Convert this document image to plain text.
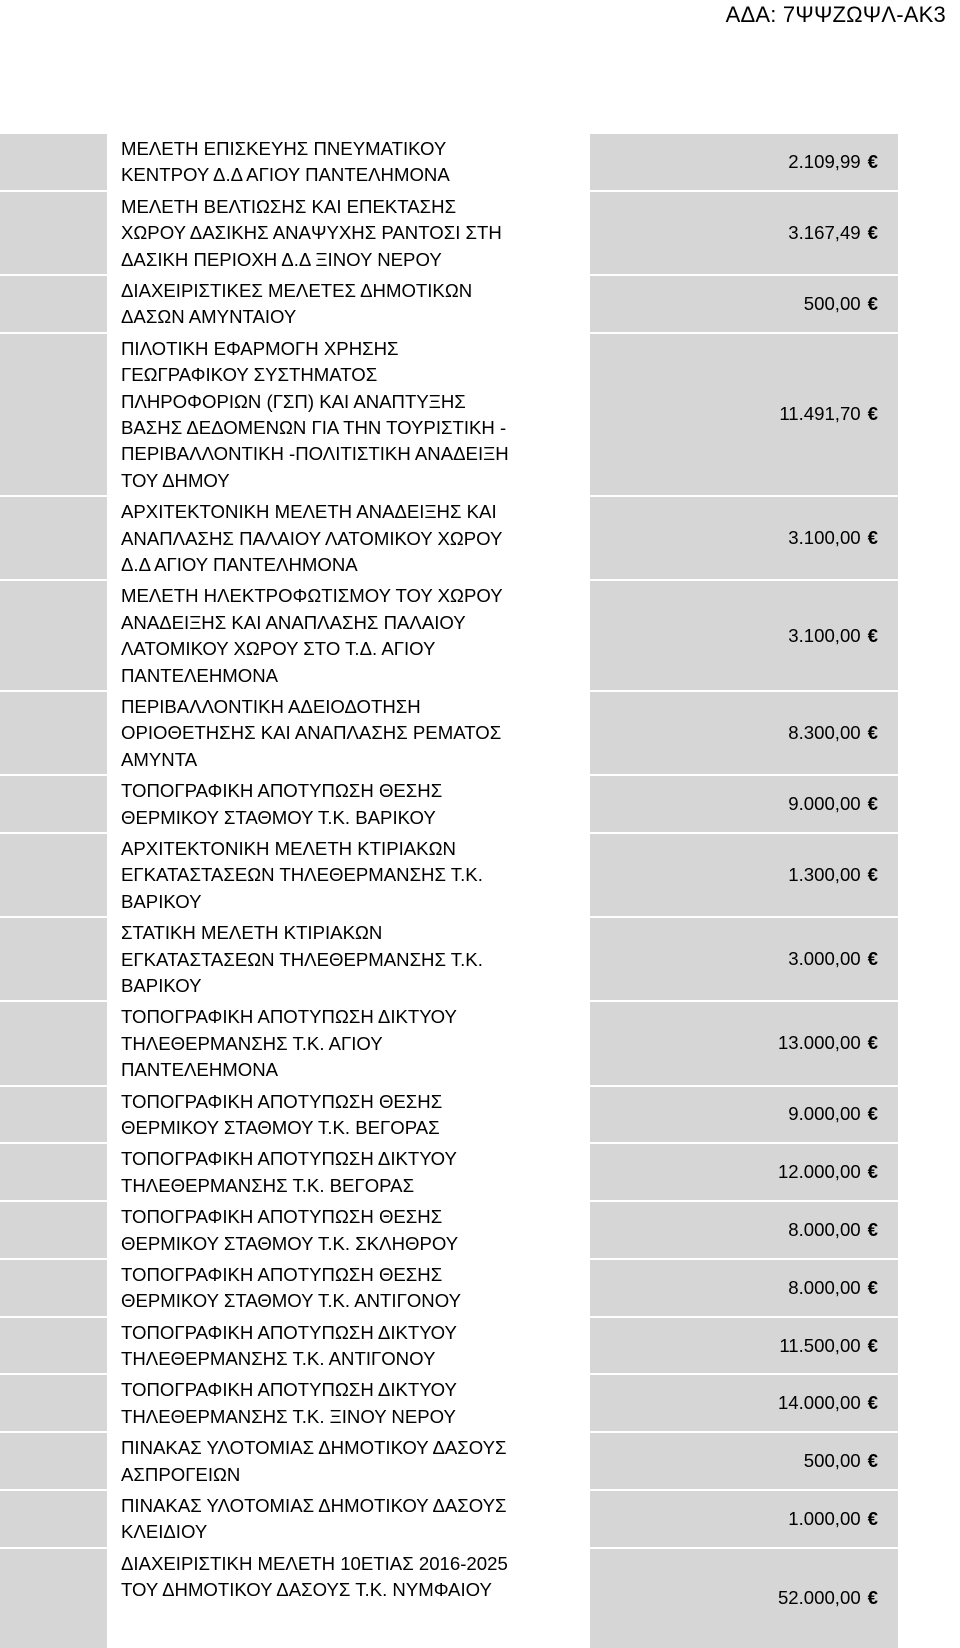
ΑΔΑ: 7ΨΨΖΩΨΛ-ΑΚ3
ΜΕΛΕΤΗ ΕΠΙΣΚΕΥΗΣ ΠΝΕΥΜΑΤΙΚΟΥ
ΚΕΝΤΡΟΥ Δ.Δ ΑΓΙΟΥ ΠΑΝΤΕΛΗΜΟΝΑ
2.109,99 €
ΜΕΛΕΤΗ ΒΕΛΤΙΩΣΗΣ ΚΑΙ ΕΠΕΚΤΑΣΗΣ
ΧΩΡΟΥ ΔΑΣΙΚΗΣ ΑΝΑΨΥΧΗΣ ΡΑΝΤΟΣΙ ΣΤΗ
ΔΑΣΙΚΗ ΠΕΡΙΟΧΗ Δ.Δ ΞΙΝΟΥ ΝΕΡΟΥ
3.167,49 €
ΔΙΑΧΕΙΡΙΣΤΙΚΕΣ ΜΕΛΕΤΕΣ ΔΗΜΟΤΙΚΩΝ
ΔΑΣΩΝ ΑΜΥΝΤΑΙΟΥ
500,00 €
ΠΙΛΟΤΙΚΗ ΕΦΑΡΜΟΓΗ ΧΡΗΣΗΣ
ΓΕΩΓΡΑΦΙΚΟΥ ΣΥΣΤΗΜΑΤΟΣ
ΠΛΗΡΟΦΟΡΙΩΝ (ΓΣΠ) ΚΑΙ ΑΝΑΠΤΥΞΗΣ
ΒΑΣΗΣ ΔΕΔΟΜΕΝΩΝ ΓΙΑ ΤΗΝ ΤΟΥΡΙΣΤΙΚΗ -
ΠΕΡΙΒΑΛΛΟΝΤΙΚΗ -ΠΟΛΙΤΙΣΤΙΚΗ ΑΝΑΔΕΙΞΗ
ΤΟΥ ΔΗΜΟΥ
11.491,70 €
ΑΡΧΙΤΕΚΤΟΝΙΚΗ ΜΕΛΕΤΗ ΑΝΑΔΕΙΞΗΣ ΚΑΙ
ΑΝΑΠΛΑΣΗΣ ΠΑΛΑΙΟΥ ΛΑΤΟΜΙΚΟΥ ΧΩΡΟΥ
Δ.Δ ΑΓΙΟΥ ΠΑΝΤΕΛΗΜΟΝΑ
3.100,00 €
ΜΕΛΕΤΗ ΗΛΕΚΤΡΟΦΩΤΙΣΜΟΥ ΤΟΥ ΧΩΡΟΥ
ΑΝΑΔΕΙΞΗΣ ΚΑΙ ΑΝΑΠΛΑΣΗΣ ΠΑΛΑΙΟΥ
ΛΑΤΟΜΙΚΟΥ ΧΩΡΟΥ ΣΤΟ Τ.Δ. ΑΓΙΟΥ
ΠΑΝΤΕΛΕΗΜΟΝΑ
3.100,00 €
ΠΕΡΙΒΑΛΛΟΝΤΙΚΗ ΑΔΕΙΟΔΟΤΗΣΗ
ΟΡΙΟΘΕΤΗΣΗΣ ΚΑΙ ΑΝΑΠΛΑΣΗΣ ΡΕΜΑΤΟΣ
ΑΜΥΝΤΑ
8.300,00 €
ΤΟΠΟΓΡΑΦΙΚΗ ΑΠΟΤΥΠΩΣΗ ΘΕΣΗΣ
ΘΕΡΜΙΚΟΥ ΣΤΑΘΜΟΥ Τ.Κ. ΒΑΡΙΚΟΥ
9.000,00 €
ΑΡΧΙΤΕΚΤΟΝΙΚΗ ΜΕΛΕΤΗ ΚΤΙΡΙΑΚΩΝ
ΕΓΚΑΤΑΣΤΑΣΕΩΝ ΤΗΛΕΘΕΡΜΑΝΣΗΣ Τ.Κ.
ΒΑΡΙΚΟΥ
1.300,00 €
ΣΤΑΤΙΚΗ ΜΕΛΕΤΗ ΚΤΙΡΙΑΚΩΝ
ΕΓΚΑΤΑΣΤΑΣΕΩΝ ΤΗΛΕΘΕΡΜΑΝΣΗΣ Τ.Κ.
ΒΑΡΙΚΟΥ
3.000,00 €
ΤΟΠΟΓΡΑΦΙΚΗ ΑΠΟΤΥΠΩΣΗ ΔΙΚΤΥΟΥ
ΤΗΛΕΘΕΡΜΑΝΣΗΣ Τ.Κ. ΑΓΙΟΥ
ΠΑΝΤΕΛΕΗΜΟΝΑ
13.000,00 €
ΤΟΠΟΓΡΑΦΙΚΗ ΑΠΟΤΥΠΩΣΗ ΘΕΣΗΣ
ΘΕΡΜΙΚΟΥ ΣΤΑΘΜΟΥ Τ.Κ. ΒΕΓΟΡΑΣ
9.000,00 €
ΤΟΠΟΓΡΑΦΙΚΗ ΑΠΟΤΥΠΩΣΗ ΔΙΚΤΥΟΥ
ΤΗΛΕΘΕΡΜΑΝΣΗΣ Τ.Κ. ΒΕΓΟΡΑΣ
12.000,00 €
ΤΟΠΟΓΡΑΦΙΚΗ ΑΠΟΤΥΠΩΣΗ ΘΕΣΗΣ
ΘΕΡΜΙΚΟΥ ΣΤΑΘΜΟΥ Τ.Κ. ΣΚΛΗΘΡΟΥ
8.000,00 €
ΤΟΠΟΓΡΑΦΙΚΗ ΑΠΟΤΥΠΩΣΗ ΘΕΣΗΣ
ΘΕΡΜΙΚΟΥ ΣΤΑΘΜΟΥ Τ.Κ. ΑΝΤΙΓΟΝΟΥ
8.000,00 €
ΤΟΠΟΓΡΑΦΙΚΗ ΑΠΟΤΥΠΩΣΗ ΔΙΚΤΥΟΥ
ΤΗΛΕΘΕΡΜΑΝΣΗΣ Τ.Κ. ΑΝΤΙΓΟΝΟΥ
11.500,00 €
ΤΟΠΟΓΡΑΦΙΚΗ ΑΠΟΤΥΠΩΣΗ ΔΙΚΤΥΟΥ
ΤΗΛΕΘΕΡΜΑΝΣΗΣ Τ.Κ. ΞΙΝΟΥ ΝΕΡΟΥ
14.000,00 €
ΠΙΝΑΚΑΣ ΥΛΟΤΟΜΙΑΣ ΔΗΜΟΤΙΚΟΥ ΔΑΣΟΥΣ
ΑΣΠΡΟΓΕΙΩΝ
500,00 €
ΠΙΝΑΚΑΣ ΥΛΟΤΟΜΙΑΣ ΔΗΜΟΤΙΚΟΥ ΔΑΣΟΥΣ
ΚΛΕΙΔΙΟΥ
1.000,00 €
ΔΙΑΧΕΙΡΙΣΤΙΚΗ ΜΕΛΕΤΗ 10ΕΤΙΑΣ 2016-2025
ΤΟΥ ΔΗΜΟΤΙΚΟΥ ΔΑΣΟΥΣ Τ.Κ. ΝΥΜΦΑΙΟΥ	52.000,00 €
